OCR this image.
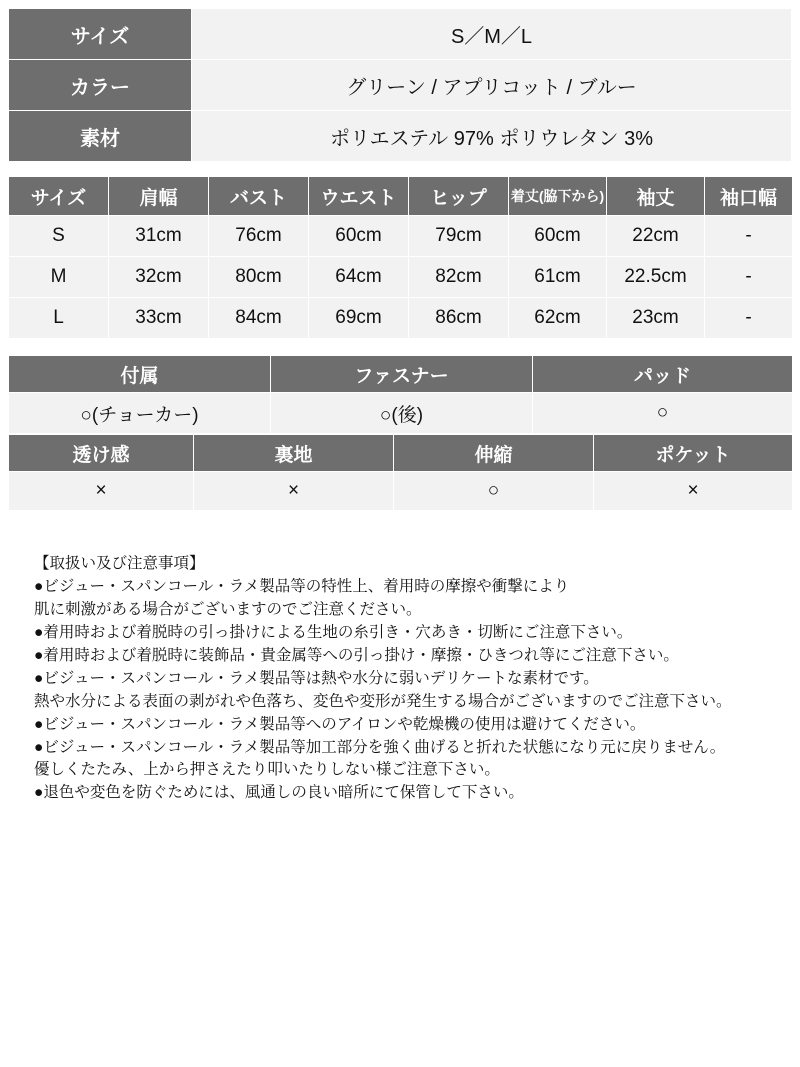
サイズ	S／M／L
カラー	グリーン / アプリコット / ブルー
素材	ポリエステル 97% ポリウレタン 3%
サイズ	肩幅	バスト	ウエスト	ヒップ	着丈(脇下から)	袖丈	袖口幅
S	31cm	76cm	60cm	79cm	60cm	22cm	-
M	32cm	80cm	64cm	82cm	61cm	22.5cm	-
L	33cm	84cm	69cm	86cm	62cm	23cm	-
付属	ファスナー	パッド
○(チョーカー)	○(後)	○
透け感	裏地	伸縮	ポケット
×	×	○	×
【取扱い及び注意事項】
●ビジュー・スパンコール・ラメ製品等の特性上、着用時の摩擦や衝撃により
肌に刺激がある場合がございますのでご注意ください。
●着用時および着脱時の引っ掛けによる生地の糸引き・穴あき・切断にご注意下さい。
●着用時および着脱時に装飾品・貴金属等への引っ掛け・摩擦・ひきつれ等にご注意下さい。
●ビジュー・スパンコール・ラメ製品等は熱や水分に弱いデリケートな素材です。
熱や水分による表面の剥がれや色落ち、変色や変形が発生する場合がございますのでご注意下さい。
●ビジュー・スパンコール・ラメ製品等へのアイロンや乾燥機の使用は避けてください。
●ビジュー・スパンコール・ラメ製品等加工部分を強く曲げると折れた状態になり元に戻りません。
優しくたたみ、上から押さえたり叩いたりしない様ご注意下さい。
●退色や変色を防ぐためには、風通しの良い暗所にて保管して下さい。
